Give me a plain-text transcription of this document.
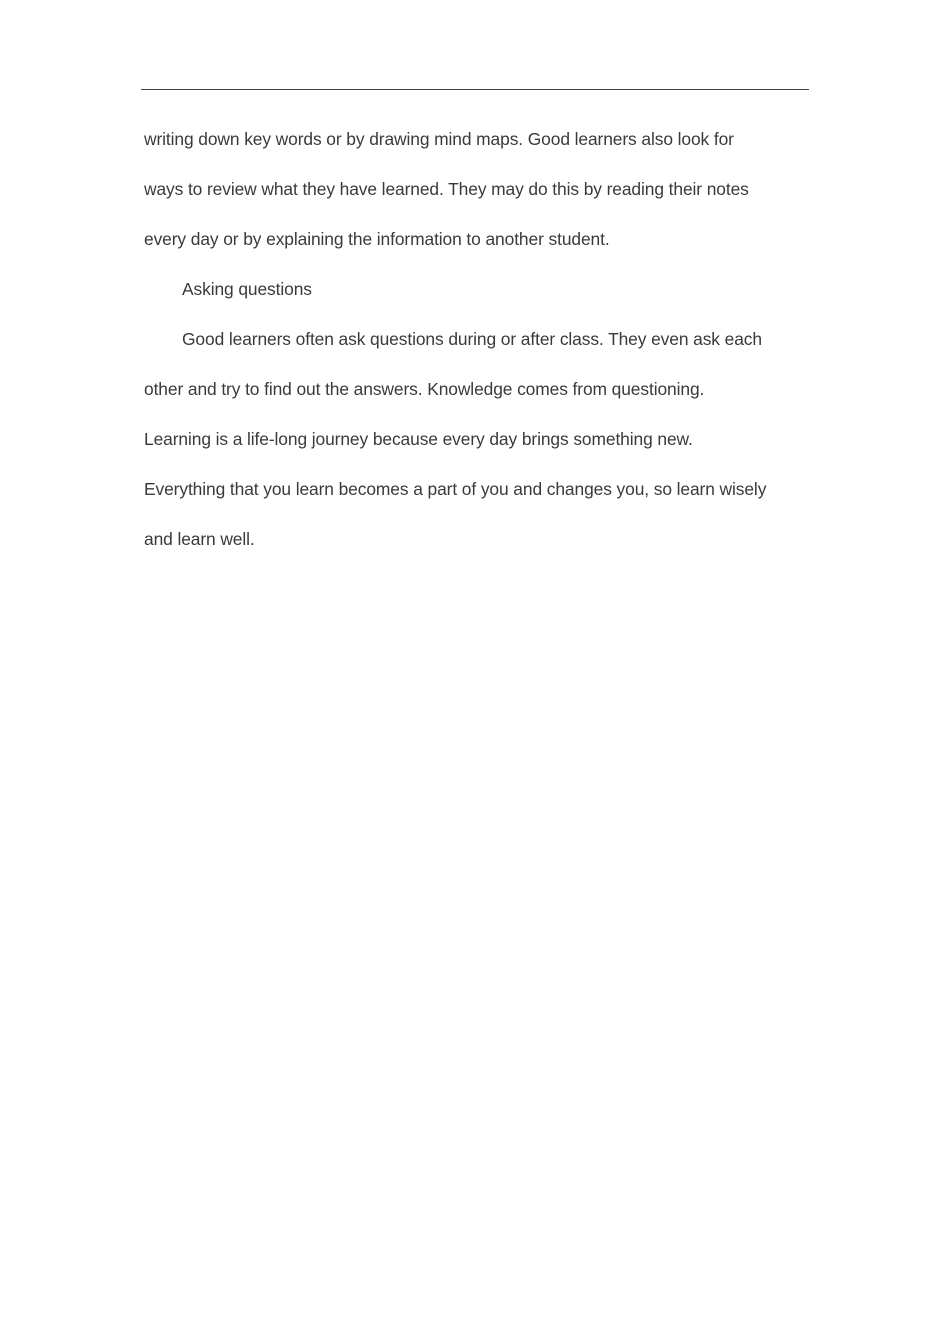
writing down key words or by drawing mind maps. Good learners also look for
ways to review what they have learned. They may do this by reading their notes
every day or by explaining the information to another student.
Asking questions
Good learners often ask questions during or after class. They even ask each
other and try to find out the answers. Knowledge comes from questioning.
Learning is a life-long journey because every day brings something new.
Everything that you learn becomes a part of you and changes you, so learn wisely
and learn well.
